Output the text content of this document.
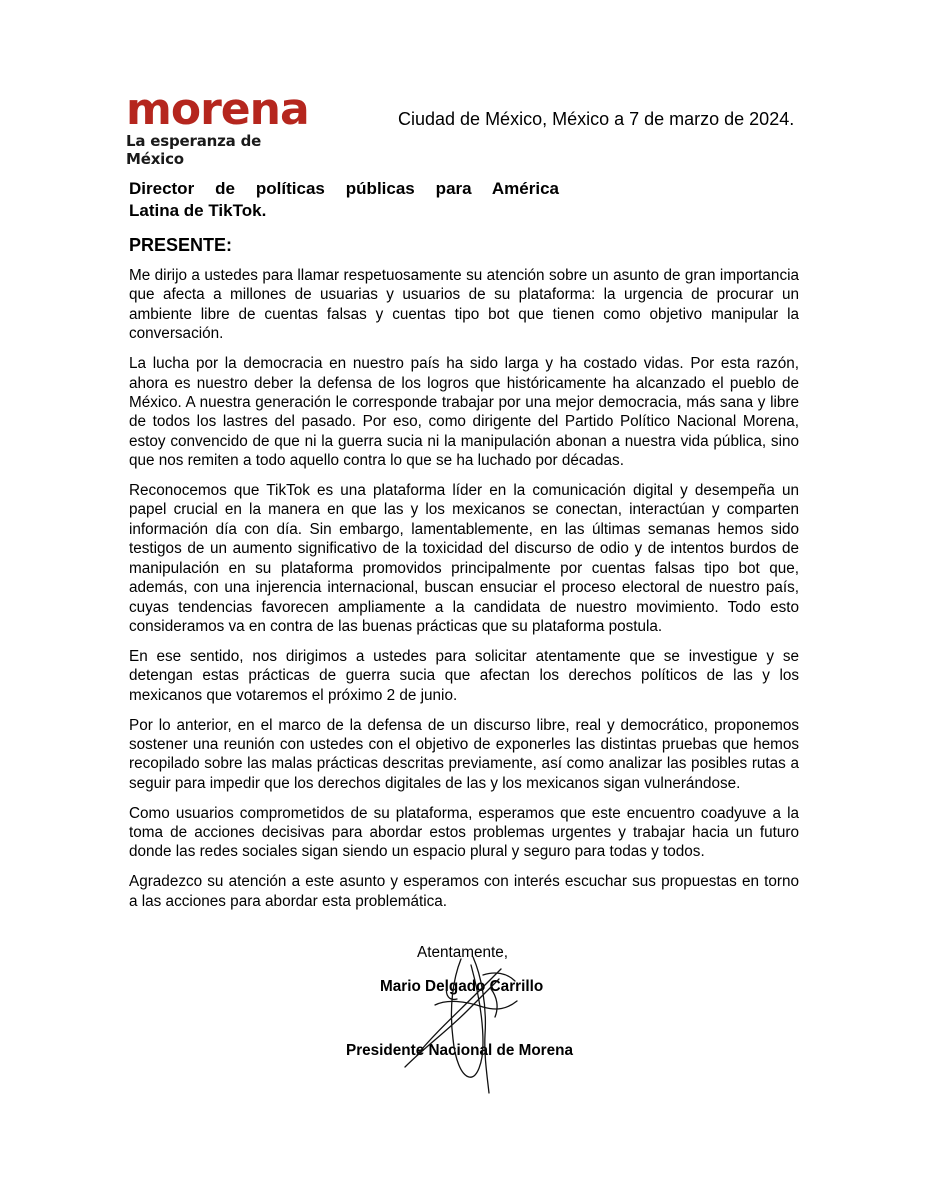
morena
La esperanza de México
Ciudad de México, México a 7 de marzo de 2024.
Director de políticas públicas para América
Latina de TikTok.
PRESENTE:

Me dirijo a ustedes para llamar respetuosamente su atención sobre un asunto de gran importancia que afecta a millones de usuarias y usuarios de su plataforma: la urgencia de procurar un ambiente libre de cuentas falsas y cuentas tipo bot que tienen como objetivo manipular la conversación.

La lucha por la democracia en nuestro país ha sido larga y ha costado vidas. Por esta razón, ahora es nuestro deber la defensa de los logros que históricamente ha alcanzado el pueblo de México. A nuestra generación le corresponde trabajar por una mejor democracia, más sana y libre de todos los lastres del pasado. Por eso, como dirigente del Partido Político Nacional Morena, estoy convencido de que ni la guerra sucia ni la manipulación abonan a nuestra vida pública, sino que nos remiten a todo aquello contra lo que se ha luchado por décadas.

Reconocemos que TikTok es una plataforma líder en la comunicación digital y desempeña un papel crucial en la manera en que las y los mexicanos se conectan, interactúan y comparten información día con día. Sin embargo, lamentablemente, en las últimas semanas hemos sido testigos de un aumento significativo de la toxicidad del discurso de odio y de intentos burdos de manipulación en su plataforma promovidos principalmente por cuentas falsas tipo bot que, además, con una injerencia internacional, buscan ensuciar el proceso electoral de nuestro país, cuyas tendencias favorecen ampliamente a la candidata de nuestro movimiento. Todo esto consideramos va en contra de las buenas prácticas que su plataforma postula.

En ese sentido, nos dirigimos a ustedes para solicitar atentamente que se investigue y se detengan estas prácticas de guerra sucia que afectan los derechos políticos de las y los mexicanos que votaremos el próximo 2 de junio.

Por lo anterior, en el marco de la defensa de un discurso libre, real y democrático, proponemos sostener una reunión con ustedes con el objetivo de exponerles las distintas pruebas que hemos recopilado sobre las malas prácticas descritas previamente, así como analizar las posibles rutas a seguir para impedir que los derechos digitales de las y los mexicanos sigan vulnerándose.

Como usuarios comprometidos de su plataforma, esperamos que este encuentro coadyuve a la toma de acciones decisivas para abordar estos problemas urgentes y trabajar hacia un futuro donde las redes sociales sigan siendo un espacio plural y seguro para todas y todos.

Agradezco su atención a este asunto y esperamos con interés escuchar sus propuestas en torno a las acciones para abordar esta problemática.

Atentamente,
Mario Delgado Carrillo
Presidente Nacional de Morena
